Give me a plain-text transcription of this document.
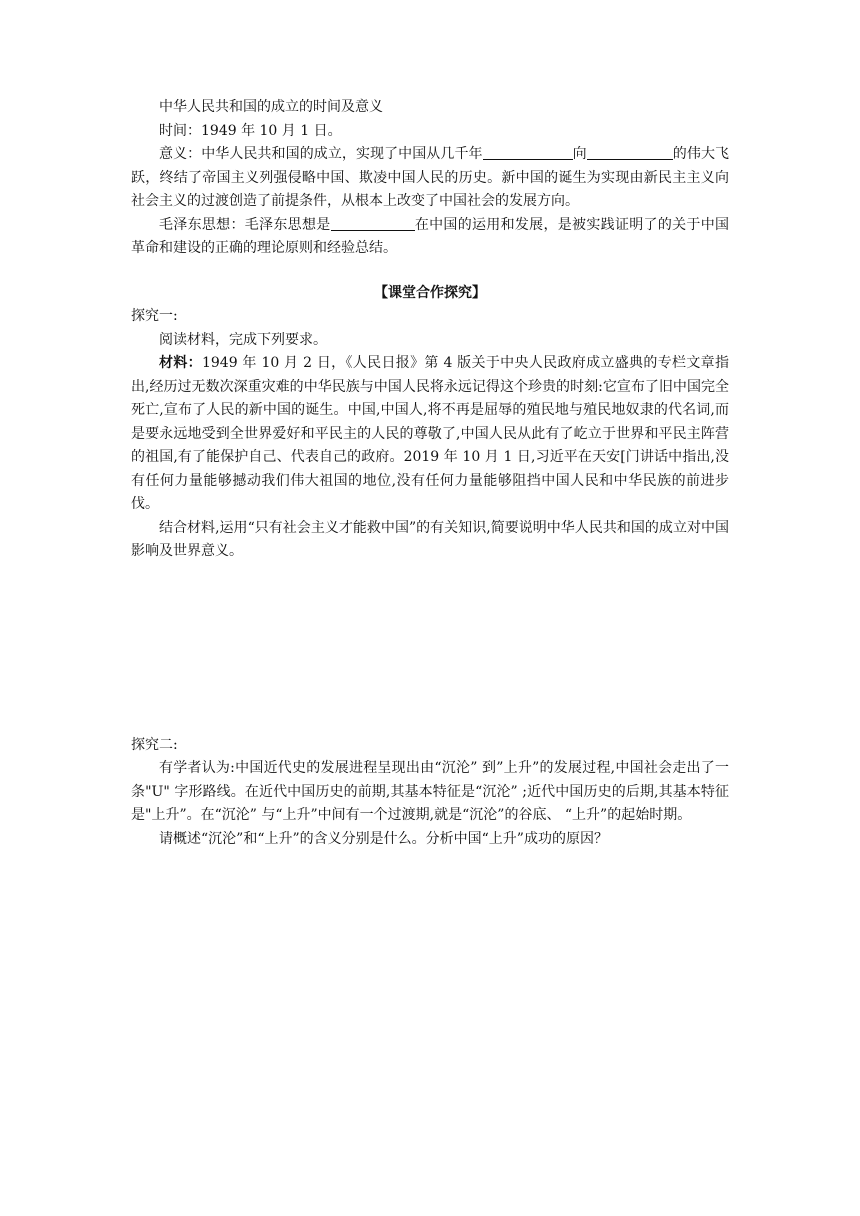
中华人民共和国的成立的时间及意义

时间：1949 年 10 月 1 日。

意义：中华人民共和国的成立，实现了中国从几千年	向	的伟大飞跃，终结了帝国主义列强侵略中国、欺凌中国人民的历史。新中国的诞生为实现由新民主主义向社会主义的过渡创造了前提条件，从根本上改变了中国社会的发展方向。

毛泽东思想：毛泽东思想是	在中国的运用和发展，是被实践证明了的关于中国革命和建设的正确的理论原则和经验总结。

【课堂合作探究】

探究一:

阅读材料，完成下列要求。

材料：1949 年 10 月 2 日，《人民日报》第 4 版关于中央人民政府成立盛典的专栏文章指出,经历过无数次深重灾难的中华民族与中国人民将永远记得这个珍贵的时刻:它宣布了旧中国完全死亡,宣布了人民的新中国的诞生。中国,中国人,将不再是屈辱的殖民地与殖民地奴隶的代名词,而是要永远地受到全世界爱好和平民主的人民的尊敬了,中国人民从此有了屹立于世界和平民主阵营的祖国,有了能保护自己、代表自己的政府。2019 年 10 月 1 日,习近平在天安[门讲话中指出,没有任何力量能够撼动我们伟大祖国的地位,没有任何力量能够阻挡中国人民和中华民族的前进步伐。

结合材料,运用“只有社会主义才能救中国”的有关知识,简要说明中华人民共和国的成立对中国影响及世界意义。

探究二:

有学者认为:中国近代史的发展进程呈现出由“沉沦” 到”上升”的发展过程,中国社会走出了一条"U" 字形路线。在近代中国历史的前期,其基本特征是“沉沦” ;近代中国历史的后期,其基本特征是"上升”。在“沉沦” 与“上升”中间有一个过渡期,就是“沉沦”的谷底、 “上升”的起始时期。

请概述“沉沦”和“上升”的含义分别是什么。分析中国“上升”成功的原因？
